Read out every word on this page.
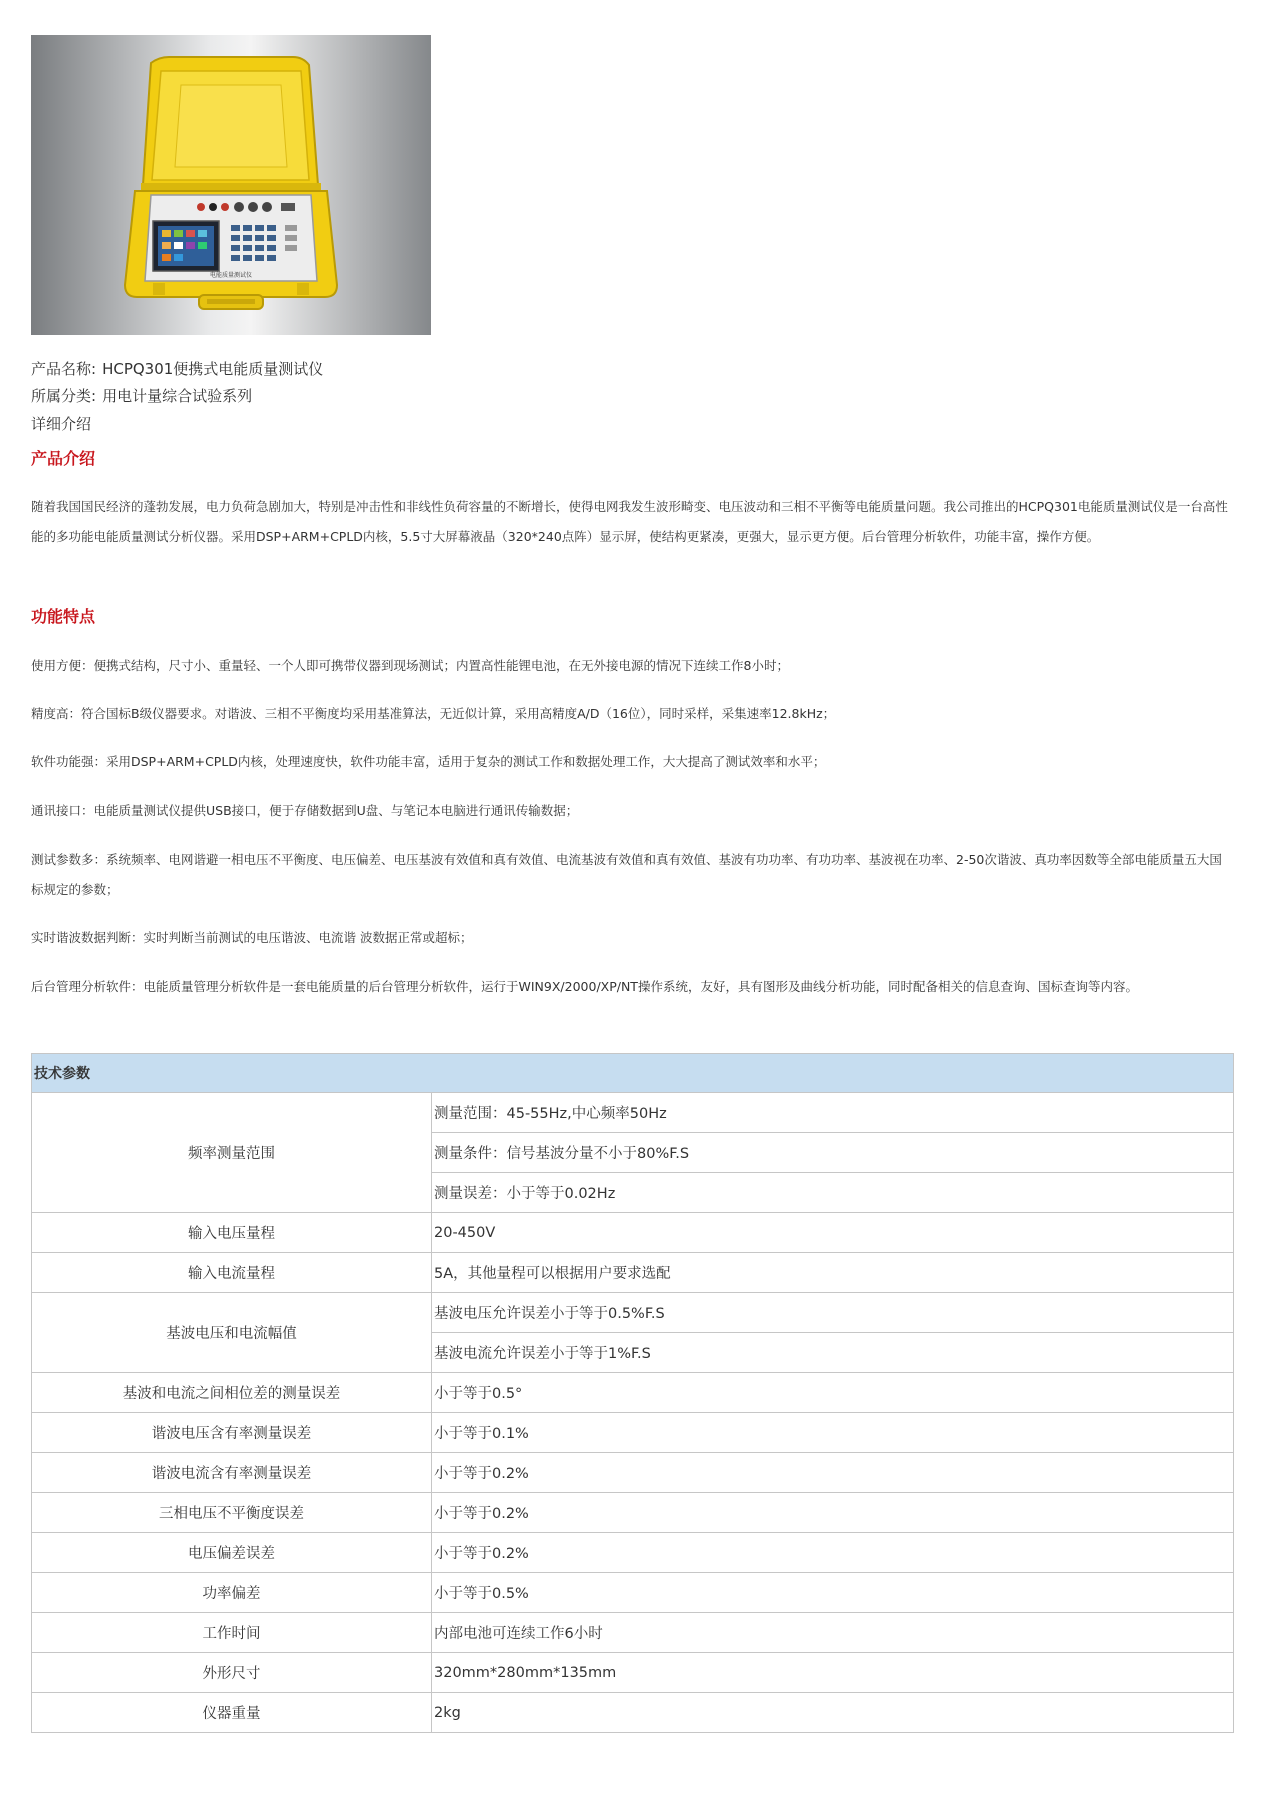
电能质量测试仪
产品名称: HCPQ301便携式电能质量测试仪
所属分类: 用电计量综合试验系列
详细介绍
产品介绍

随着我国国民经济的蓬勃发展，电力负荷急剧加大，特别是冲击性和非线性负荷容量的不断增长，使得电网我发生波形畸变、电压波动和三相不平衡等电能质量问题。我公司推出的HCPQ301电能质量测试仪是一台高性能的多功能电能质量测试分析仪器。采用DSP+ARM+CPLD内核，5.5寸大屏幕液晶（320*240点阵）显示屏，使结构更紧凑，更强大，显示更方便。后台管理分析软件，功能丰富，操作方便。

功能特点

使用方便：便携式结构，尺寸小、重量轻、一个人即可携带仪器到现场测试；内置高性能锂电池，在无外接电源的情况下连续工作8小时；

精度高：符合国标B级仪器要求。对谐波、三相不平衡度均采用基准算法，无近似计算，采用高精度A/D（16位），同时采样，采集速率12.8kHz；

软件功能强：采用DSP+ARM+CPLD内核，处理速度快，软件功能丰富，适用于复杂的测试工作和数据处理工作，大大提高了测试效率和水平；

通讯接口：电能质量测试仪提供USB接口，便于存储数据到U盘、与笔记本电脑进行通讯传输数据；

测试参数多：系统频率、电网谐避一相电压不平衡度、电压偏差、电压基波有效值和真有效值、电流基波有效值和真有效值、基波有功功率、有功功率、基波视在功率、2-50次谐波、真功率因数等全部电能质量五大国标规定的参数；

实时谐波数据判断：实时判断当前测试的电压谐波、电流谐 波数据正常或超标；

后台管理分析软件：电能质量管理分析软件是一套电能质量的后台管理分析软件，运行于WIN9X/2000/XP/NT操作系统，友好，具有图形及曲线分析功能，同时配备相关的信息查询、国标查询等内容。

技术参数	
频率测量范围	测量范围：45-55Hz,中心频率50Hz
	测量条件：信号基波分量不小于80%F.S
	测量误差：小于等于0.02Hz
输入电压量程	20-450V
输入电流量程	5A，其他量程可以根据用户要求选配
基波电压和电流幅值	基波电压允许误差小于等于0.5%F.S
	基波电流允许误差小于等于1%F.S
基波和电流之间相位差的测量误差	小于等于0.5°
谐波电压含有率测量误差	小于等于0.1%
谐波电流含有率测量误差	小于等于0.2%
三相电压不平衡度误差	小于等于0.2%
电压偏差误差	小于等于0.2%
功率偏差	小于等于0.5%
工作时间	内部电池可连续工作6小时
外形尺寸	320mm*280mm*135mm
仪器重量	2kg
